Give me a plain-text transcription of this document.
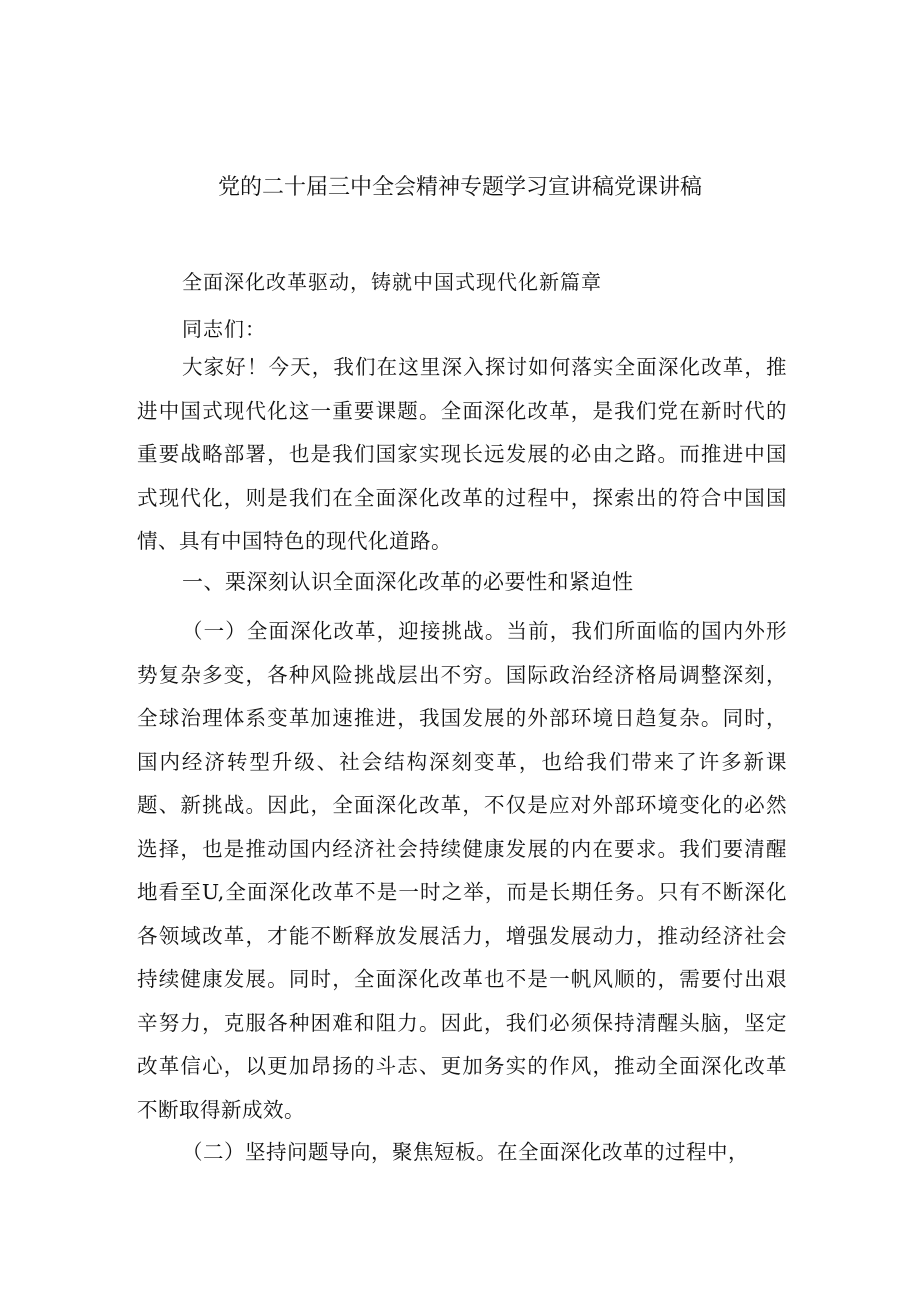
党的二十届三中全会精神专题学习宣讲稿党课讲稿
全面深化改革驱动，铸就中国式现代化新篇章
同志们：

大家好！今天，我们在这里深入探讨如何落实全面深化改革，推进中国式现代化这一重要课题。全面深化改革，是我们党在新时代的重要战略部署，也是我们国家实现长远发展的必由之路。而推进中国式现代化，则是我们在全面深化改革的过程中，探索出的符合中国国情、具有中国特色的现代化道路。

一、栗深刻认识全面深化改革的必要性和紧迫性

（一）全面深化改革，迎接挑战。当前，我们所面临的国内外形势复杂多变，各种风险挑战层出不穷。国际政治经济格局调整深刻，全球治理体系变革加速推进，我国发展的外部环境日趋复杂。同时，国内经济转型升级、社会结构深刻变革，也给我们带来了许多新课题、新挑战。因此，全面深化改革，不仅是应对外部环境变化的必然选择，也是推动国内经济社会持续健康发展的内在要求。我们要清醒地看至U,全面深化改革不是一时之举，而是长期任务。只有不断深化各领域改革，才能不断释放发展活力，增强发展动力，推动经济社会持续健康发展。同时，全面深化改革也不是一帆风顺的，需要付出艰辛努力，克服各种困难和阻力。因此，我们必须保持清醒头脑，坚定改革信心，以更加昂扬的斗志、更加务实的作风，推动全面深化改革不断取得新成效。

（二）坚持问题导向，聚焦短板。在全面深化改革的过程中，
